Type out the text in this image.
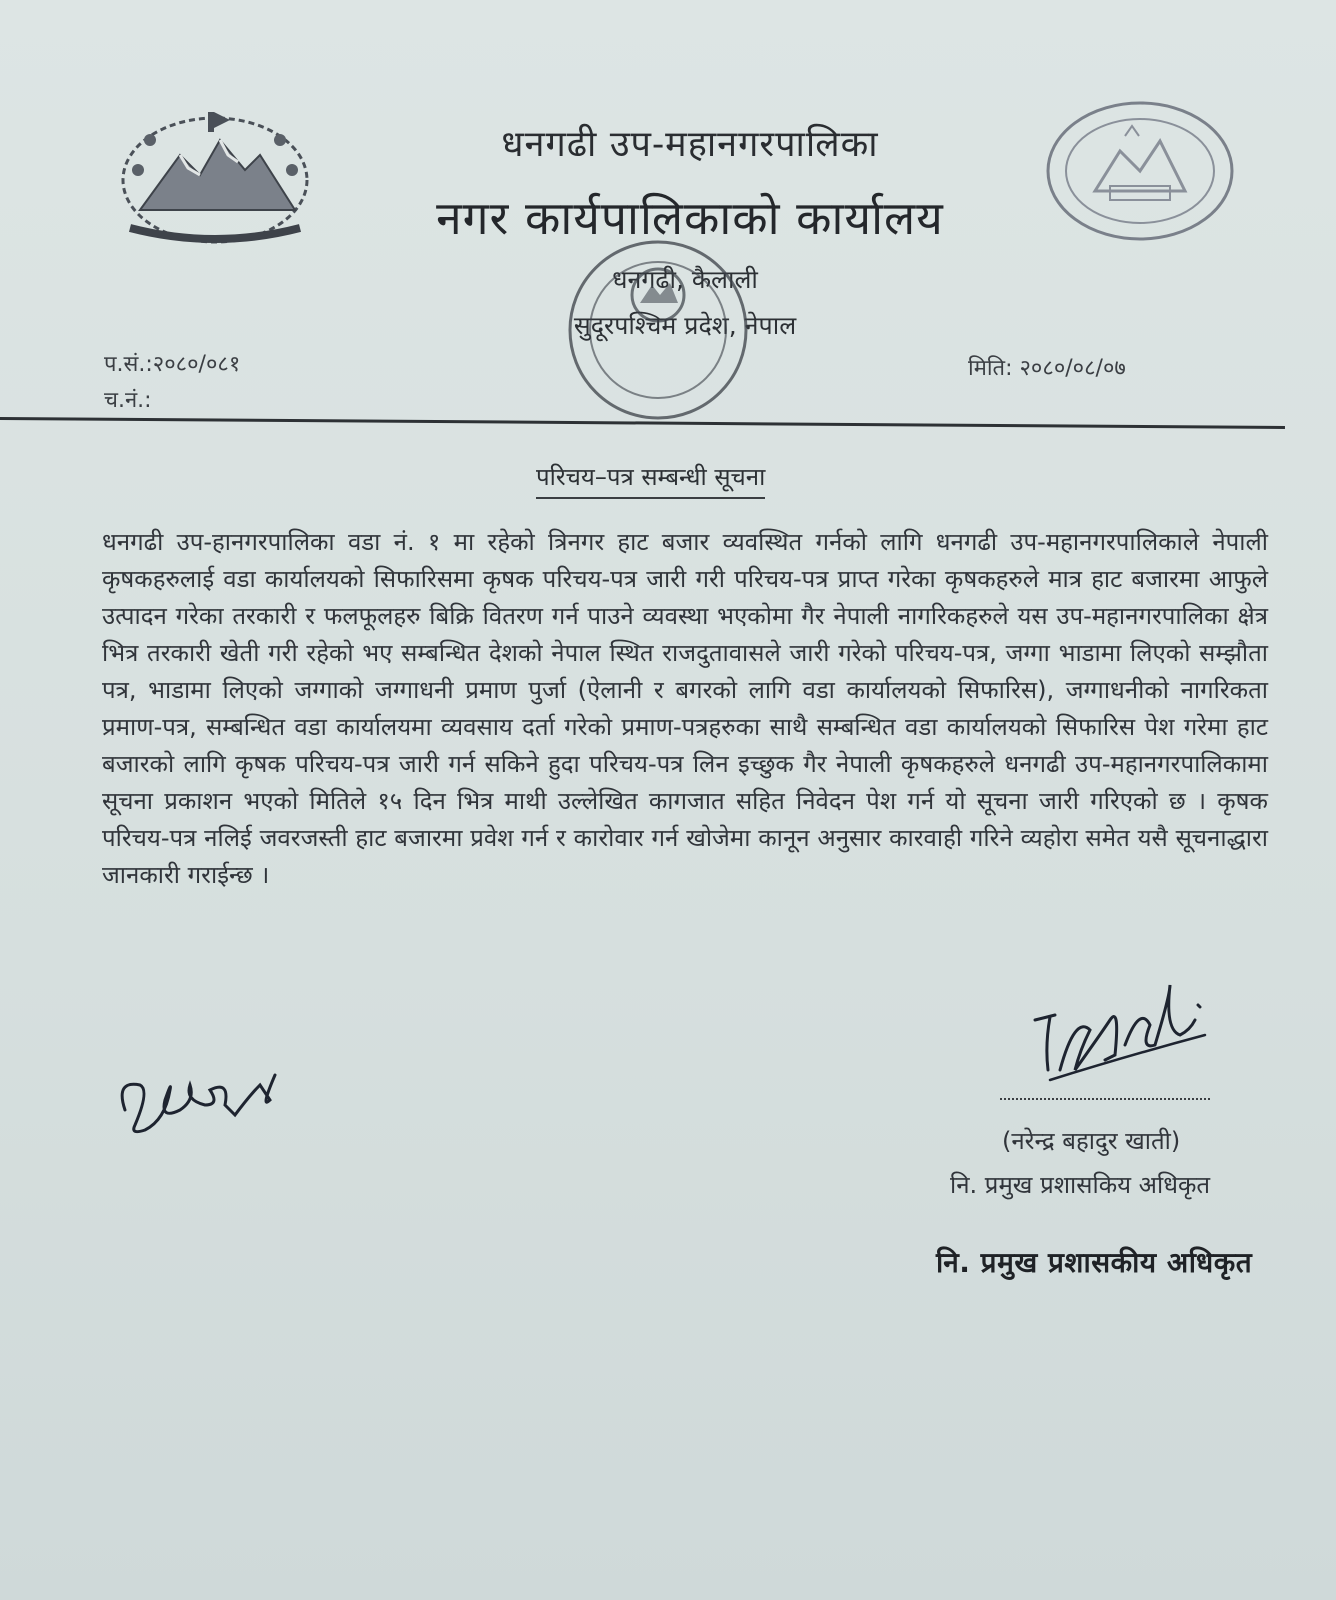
धनगढी उप-महानगरपालिका
नगर कार्यपालिकाको कार्यालय
धनगढी, कैलाली
सुदूरपश्चिम प्रदेश, नेपाल
प.सं.:२०८०/०८१
च.नं.:
मिति: २०८०/०८/०७
परिचय–पत्र सम्बन्धी सूचना
धनगढी उप-हानगरपालिका वडा नं. १ मा रहेको त्रिनगर हाट बजार व्यवस्थित गर्नको लागि धनगढी उप-महानगरपालिकाले नेपाली कृषकहरुलाई वडा कार्यालयको सिफारिसमा कृषक परिचय-पत्र जारी गरी परिचय-पत्र प्राप्त गरेका कृषकहरुले मात्र हाट बजारमा आफुले उत्पादन गरेका तरकारी र फलफूलहरु बिक्रि वितरण गर्न पाउने व्यवस्था भएकोमा गैर नेपाली नागरिकहरुले यस उप-महानगरपालिका क्षेत्र भित्र तरकारी खेती गरी रहेको भए सम्बन्धित देशको नेपाल स्थित राजदुतावासले जारी गरेको परिचय-पत्र, जग्गा भाडामा लिएको सम्झौता पत्र, भाडामा लिएको जग्गाको जग्गाधनी प्रमाण पुर्जा (ऐलानी र बगरको लागि वडा कार्यालयको सिफारिस), जग्गाधनीको नागरिकता प्रमाण-पत्र, सम्बन्धित वडा कार्यालयमा व्यवसाय दर्ता गरेको प्रमाण-पत्रहरुका साथै सम्बन्धित वडा कार्यालयको सिफारिस पेश गरेमा हाट बजारको लागि कृषक परिचय-पत्र जारी गर्न सकिने हुदा परिचय-पत्र लिन इच्छुक गैर नेपाली कृषकहरुले धनगढी उप-महानगरपालिकामा सूचना प्रकाशन भएको मितिले १५ दिन भित्र माथी उल्लेखित कागजात सहित निवेदन पेश गर्न यो सूचना जारी गरिएको छ । कृषक परिचय-पत्र नलिई जवरजस्ती हाट बजारमा प्रवेश गर्न र कारोवार गर्न खोजेमा कानून अनुसार कारवाही गरिने व्यहोरा समेत यसै सूचनाद्धारा जानकारी गराईन्छ ।
(नरेन्द्र बहादुर खाती)
नि. प्रमुख प्रशासकिय अधिकृत
नि. प्रमुख प्रशासकीय अधिकृत
